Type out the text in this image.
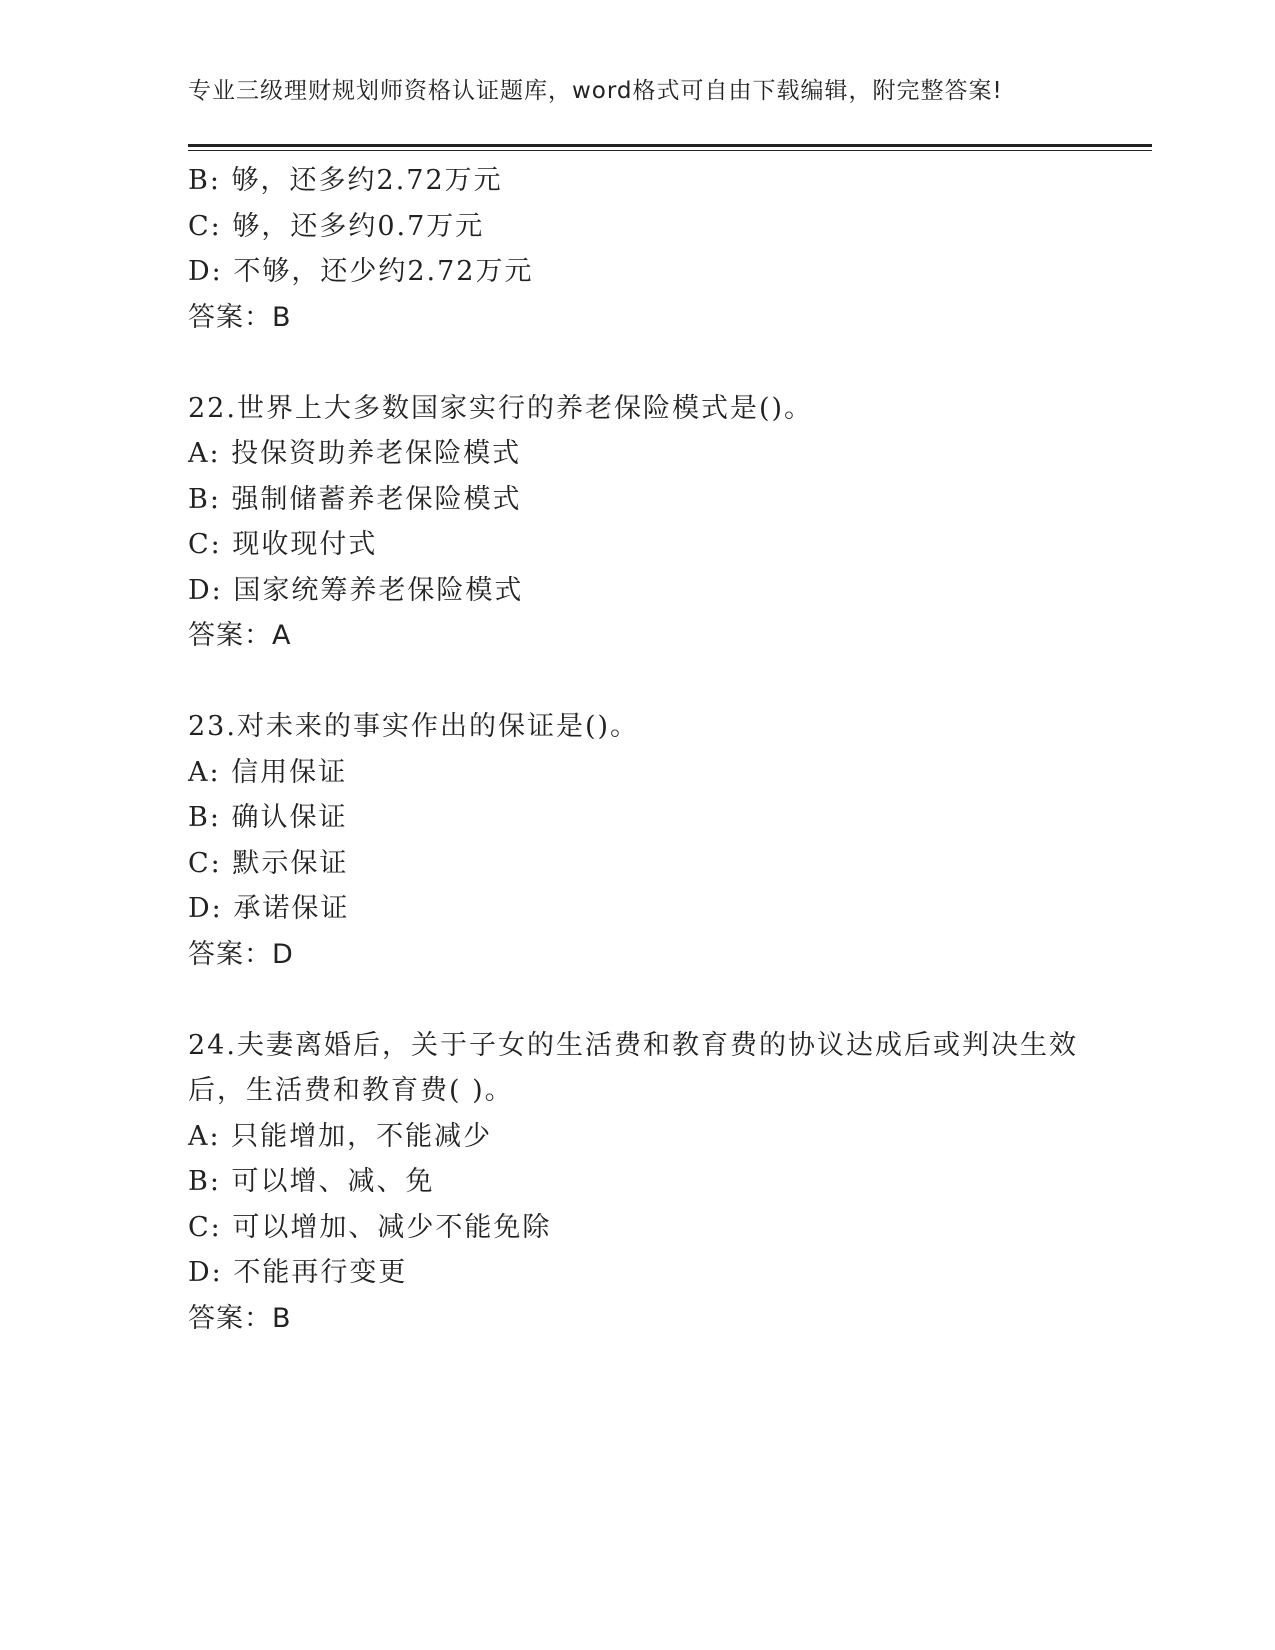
专业三级理财规划师资格认证题库，word格式可自由下载编辑，附完整答案!
B: 够，还多约2.72万元
C: 够，还多约0.7万元
D: 不够，还少约2.72万元
答案：B
22.世界上大多数国家实行的养老保险模式是()。
A: 投保资助养老保险模式
B: 强制储蓄养老保险模式
C: 现收现付式
D: 国家统筹养老保险模式
答案：A
23.对未来的事实作出的保证是()。
A: 信用保证
B: 确认保证
C: 默示保证
D: 承诺保证
答案：D
24.夫妻离婚后，关于子女的生活费和教育费的协议达成后或判决生效后，生活费和教育费( )。
A: 只能增加，不能减少
B: 可以增、减、免
C: 可以增加、减少不能免除
D: 不能再行变更
答案：B
